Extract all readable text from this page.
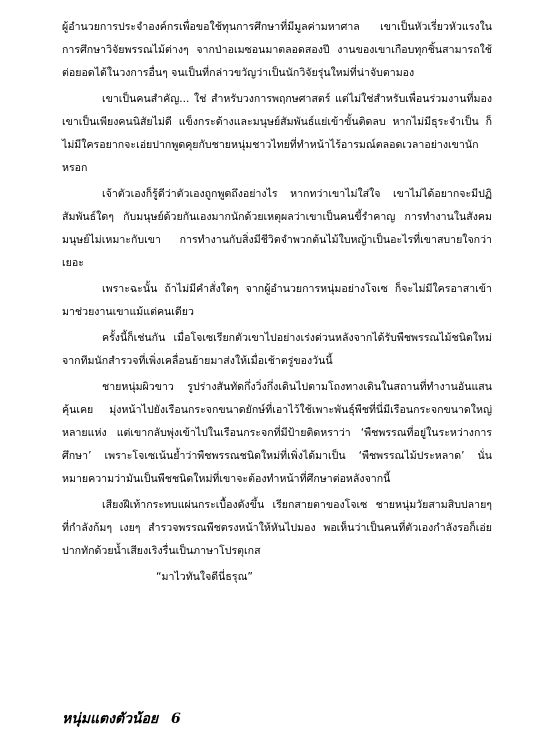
ผู้อำนวยการประจำองค์กรเพื่อขอใช้ทุนการศึกษาที่มีมูลค่ามหาศาล เขาเป็นหัวเรี่ยวหัวแรงในการศึกษาวิจัยพรรณไม้ต่างๆ จากป่าอเมซอนมาตลอดสองปี งานของเขาเกือบทุกชิ้นสามารถใช้ต่อยอดได้ในวงการอื่นๆ จนเป็นที่กล่าวขวัญว่าเป็นนักวิจัยรุ่นใหม่ที่น่าจับตามอง

เขาเป็นคนสำคัญ... ใช่ สำหรับวงการพฤกษศาสตร์ แต่ไม่ใช่สำหรับเพื่อนร่วมงานที่มองเขาเป็นเพียงคนนิสัยไม่ดี แข็งกระด้างและมนุษย์สัมพันธ์แย่เข้าขั้นติดลบ หากไม่มีธุระจำเป็น ก็ไม่มีใครอยากจะเอ่ยปากพูดคุยกับชายหนุ่มชาวไทยที่ทำหน้าไร้อารมณ์ตลอดเวลาอย่างเขานักหรอก

เจ้าตัวเองก็รู้ดีว่าตัวเองถูกพูดถึงอย่างไร หากทว่าเขาไม่ใส่ใจ เขาไม่ได้อยากจะมีปฏิสัมพันธ์ใดๆ กับมนุษย์ด้วยกันเองมากนักด้วยเหตุผลว่าเขาเป็นคนขี้รำคาญ การทำงานในสังคมมนุษย์ไม่เหมาะกับเขา การทำงานกับสิ่งมีชีวิตจำพวกต้นไม้ใบหญ้าเป็นอะไรที่เขาสบายใจกว่าเยอะ

เพราะฉะนั้น ถ้าไม่มีคำสั่งใดๆ จากผู้อำนวยการหนุ่มอย่างโจเซ ก็จะไม่มีใครอาสาเข้ามาช่วยงานเขาแม้แต่คนเดียว

ครั้งนี้ก็เช่นกัน เมื่อโจเซเรียกตัวเขาไปอย่างเร่งด่วนหลังจากได้รับพืชพรรณไม้ชนิดใหม่จากทีมนักสำรวจที่เพิ่งเคลื่อนย้ายมาส่งให้เมื่อเช้าตรู่ของวันนี้

ชายหนุ่มผิวขาว รูปร่างสันทัดกึ่งวิ่งกึ่งเดินไปตามโถงทางเดินในสถานที่ทำงานอันแสนคุ้นเคย มุ่งหน้าไปยังเรือนกระจกขนาดยักษ์ที่เอาไว้ใช้เพาะพันธุ์พืชที่นี่มีเรือนกระจกขนาดใหญ่หลายแห่ง แต่เขากลับพุ่งเข้าไปในเรือนกระจกที่มีป้ายติดหราว่า ‘พืชพรรณที่อยู่ในระหว่างการศึกษา’ เพราะโจเซเน้นย้ำว่าพืชพรรณชนิดใหม่ที่เพิ่งได้มาเป็น ‘พืชพรรณไม้ประหลาด’ นั่นหมายความว่ามันเป็นพืชชนิดใหม่ที่เขาจะต้องทำหน้าที่ศึกษาต่อหลังจากนี้

เสียงฝีเท้ากระทบแผ่นกระเบื้องดังขึ้น เรียกสายตาของโจเซ ชายหนุ่มวัยสามสิบปลายๆ ที่กำลังก้มๆ เงยๆ สำรวจพรรณพืชตรงหน้าให้หันไปมอง พอเห็นว่าเป็นคนที่ตัวเองกำลังรอก็เอ่ยปากทักด้วยน้ำเสียงเริงรื่นเป็นภาษาโปรตุเกส

“มาไวทันใจดีนี่ธรุณ”

หนุ่มแตงตัวน้อย 6
